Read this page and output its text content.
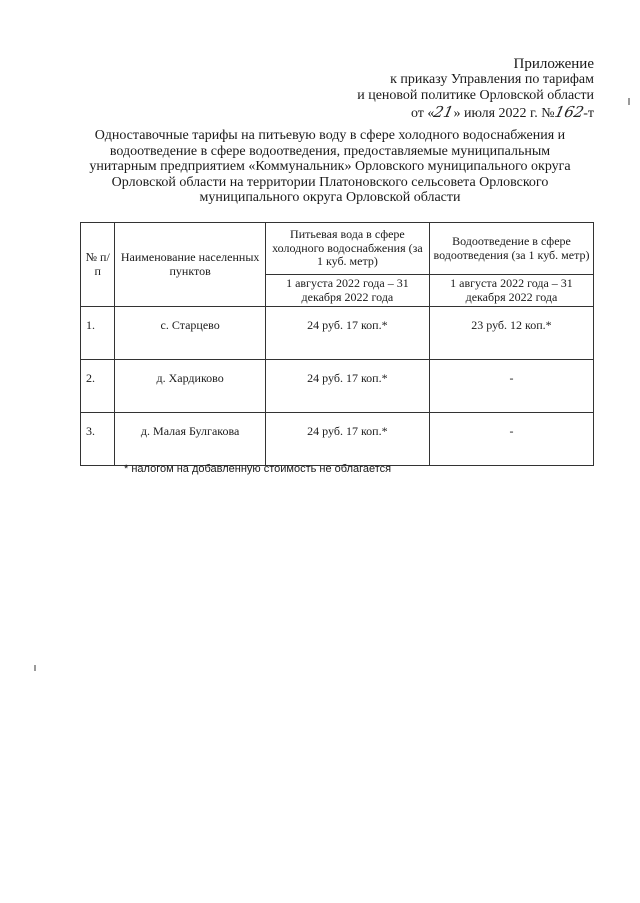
Приложение
к приказу Управления по тарифам
и ценовой политике Орловской области
от «21» июля 2022 г. №162-т
Одноставочные тарифы на питьевую воду в сфере холодного водоснабжения и водоотведение в сфере водоотведения, предоставляемые муниципальным унитарным предприятием «Коммунальник» Орловского муниципального округа Орловской области на территории Платоновского сельсовета Орловского муниципального округа Орловской области
№ п/п	Наименование населенных пунктов	Питьевая вода в сфере холодного водоснабжения (за 1 куб. метр)	Водоотведение в сфере водоотведения (за 1 куб. метр)
		1 августа 2022 года – 31 декабря 2022 года	1 августа 2022 года – 31 декабря 2022 года
1.	с. Старцево	24 руб. 17 коп.*	23 руб. 12 коп.*
2.	д. Хардиково	24 руб. 17 коп.*	-
3.	д. Малая Булгакова	24 руб. 17 коп.*	-
* налогом на добавленную стоимость не облагается
